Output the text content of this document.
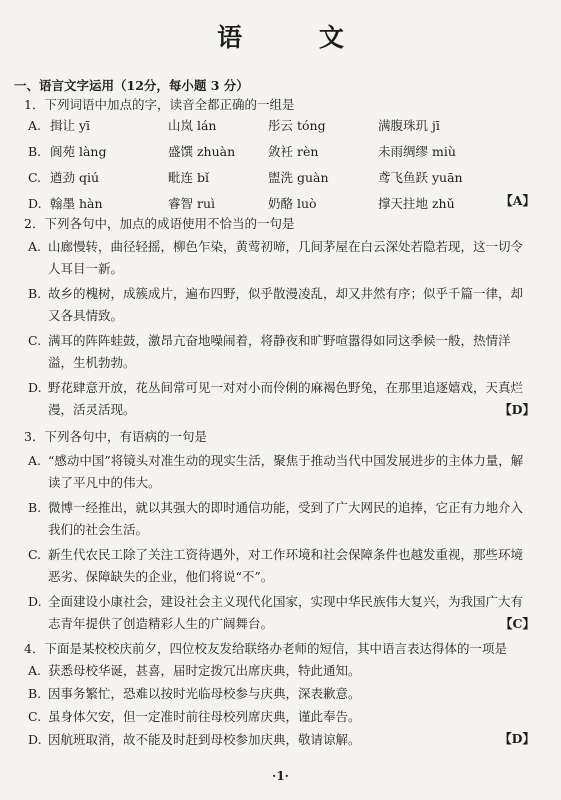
语 文
一、语言文字运用（12分，每小题 3 分）
1．下列词语中加点的字，读音全都正确的一组是
A. 揖让 yī	山岚 lán	彤云 tóng	满腹珠玑 jī
B. 阆苑 làng	盛馔 zhuàn	敛衽 rèn	未雨绸缪 miù
C. 遒劲 qiú	毗连 bǐ	盥洗 guàn	鸢飞鱼跃 yuān
D. 翰墨 hàn	睿智 ruì	奶酪 luò	撑天拄地 zhǔ	【A】
2．下列各句中，加点的成语使用不恰当的一句是
A. 山廊慢转，曲径轻摇，柳色乍染，黄莺初啼，几间茅屋在白云深处若隐若现，这一切令人耳目一新。
B. 故乡的槐树，成簇成片，遍布四野，似乎散漫凌乱，却又井然有序；似乎千篇一律，却又各具情致。
C. 满耳的阵阵蛙鼓，激昂亢奋地噪闹着，将静夜和旷野喧嚣得如同这季候一般，热情洋溢，生机勃勃。
D. 野花肆意开放，花丛间常可见一对对小而伶俐的麻褐色野兔，在那里追逐嬉戏，天真烂漫，活灵活现。	【D】
3．下列各句中，有语病的一句是
A. “感动中国”将镜头对准生动的现实生活，聚焦于推动当代中国发展进步的主体力量，解读了平凡中的伟大。
B. 微博一经推出，就以其强大的即时通信功能，受到了广大网民的追捧，它正有力地介入我们的社会生活。
C. 新生代农民工除了关注工资待遇外，对工作环境和社会保障条件也越发重视，那些环境恶劣、保障缺失的企业，他们将说“不”。
D. 全面建设小康社会，建设社会主义现代化国家，实现中华民族伟大复兴，为我国广大有志青年提供了创造精彩人生的广阔舞台。	【C】
4．下面是某校校庆前夕，四位校友发给联络办老师的短信，其中语言表达得体的一项是
A. 获悉母校华诞，甚喜，届时定拨冗出席庆典，特此通知。
B. 因事务繁忙，恐难以按时光临母校参与庆典，深表歉意。
C. 虽身体欠安，但一定准时前往母校列席庆典，谨此奉告。
D. 因航班取消，故不能及时赶到母校参加庆典，敬请谅解。	【D】
·1·
